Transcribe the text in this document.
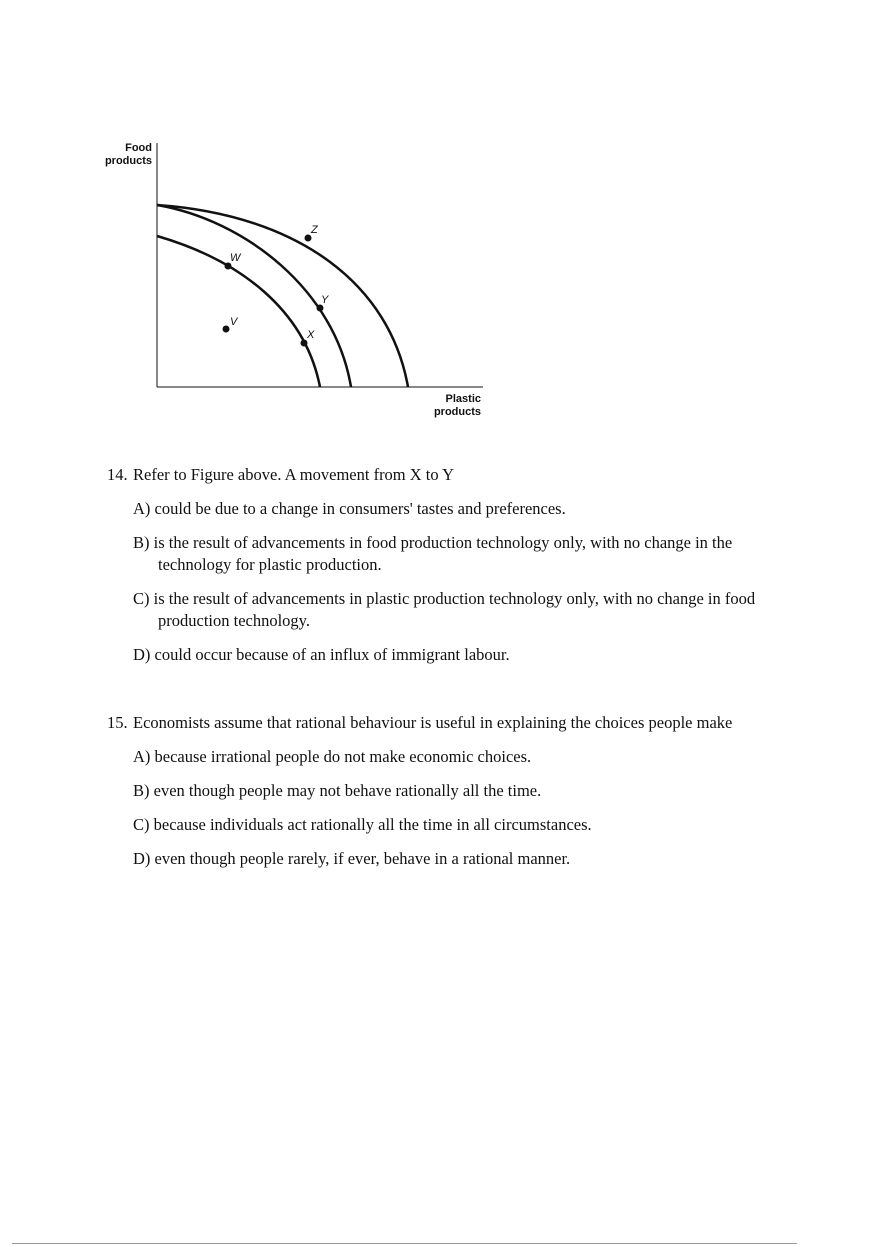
Z
W
Y
V
X
Food
products
Plastic
products
14. Refer to Figure above. A movement from X to Y
A) could be due to a change in consumers' tastes and preferences.
B) is the result of advancements in food production technology only, with no change in the technology for plastic production.
C) is the result of advancements in plastic production technology only, with no change in food production technology.
D) could occur because of an influx of immigrant labour.
15. Economists assume that rational behaviour is useful in explaining the choices people make
A) because irrational people do not make economic choices.
B) even though people may not behave rationally all the time.
C) because individuals act rationally all the time in all circumstances.
D) even though people rarely, if ever, behave in a rational manner.
